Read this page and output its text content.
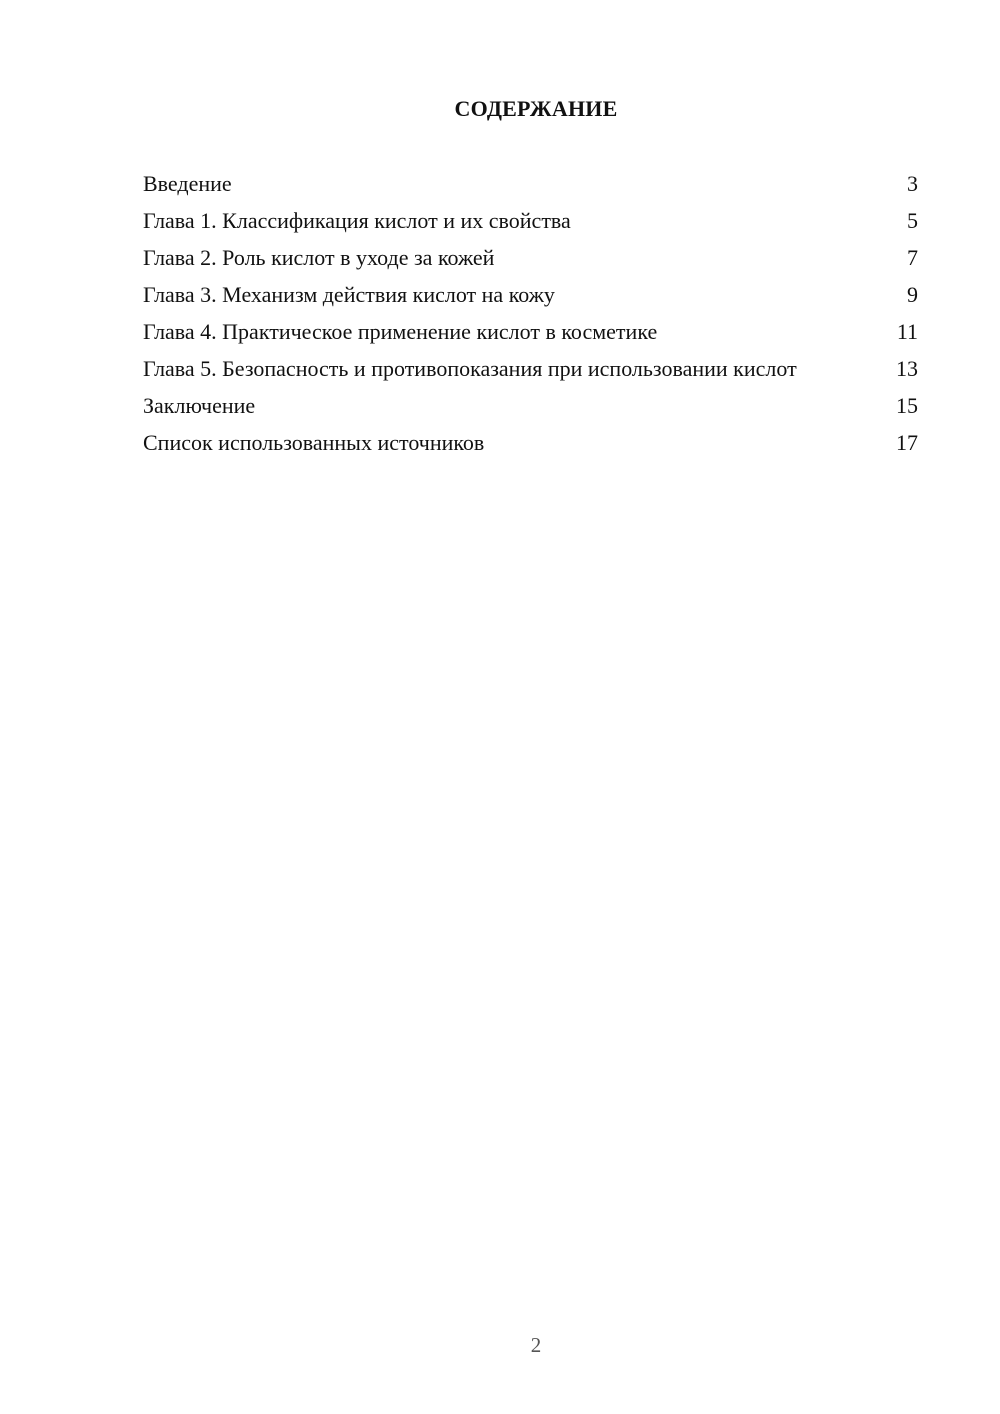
СОДЕРЖАНИЕ
Введение	3
Глава 1. Классификация кислот и их свойства	5
Глава 2. Роль кислот в уходе за кожей	7
Глава 3. Механизм действия кислот на кожу	9
Глава 4. Практическое применение кислот в косметике	11
Глава 5. Безопасность и противопоказания при использовании кислот	13
Заключение	15
Список использованных источников	17
2
